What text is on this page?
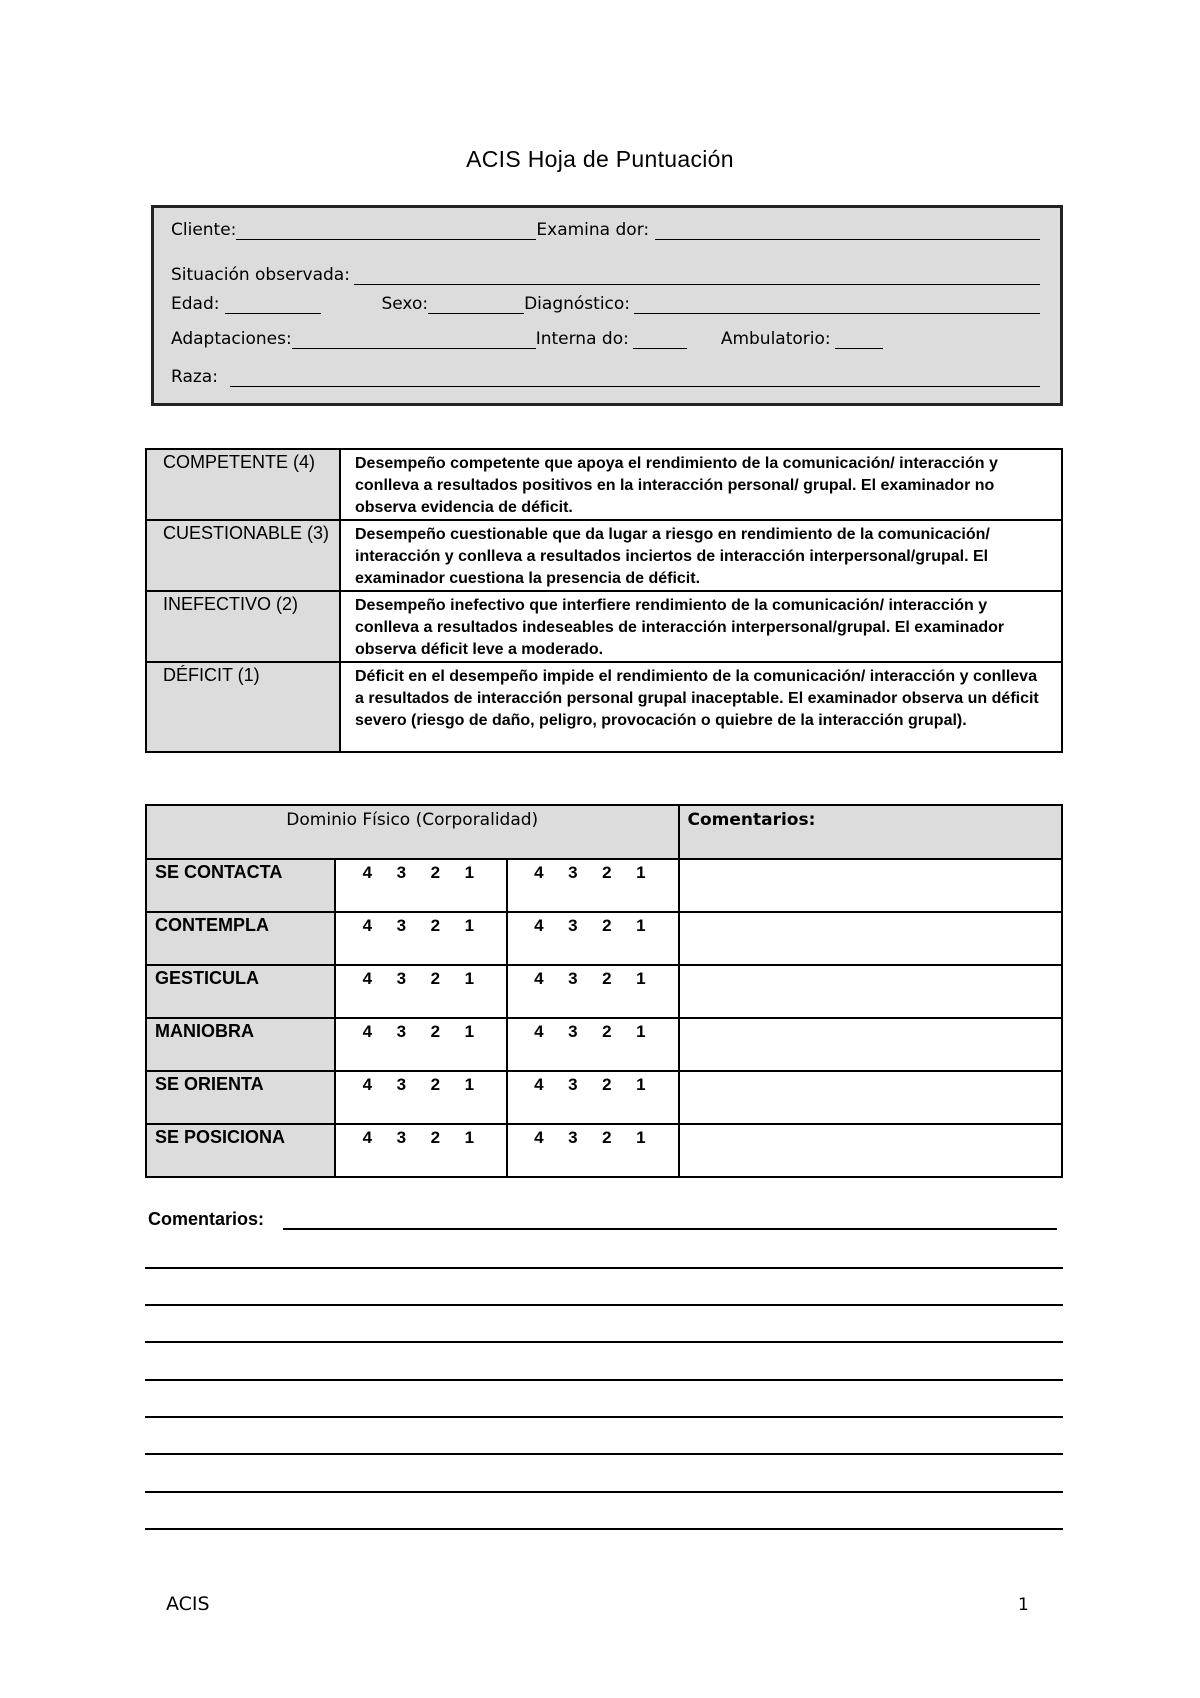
ACIS Hoja de Puntuación
Cliente:	Examina dor:
Situación observada:
Edad:	Sexo:	Diagnóstico:
Adaptaciones:	Interna do:	Ambulatorio:
Raza:
COMPETENTE (4)	Desempeño competente que apoya el rendimiento de la comunicación/ interacción y conlleva a resultados positivos en la interacción personal/ grupal. El examinador no observa evidencia de déficit.
CUESTIONABLE (3)	Desempeño cuestionable que da lugar a riesgo en rendimiento de la comunicación/ interacción y conlleva a resultados inciertos de interacción interpersonal/grupal. El examinador cuestiona la presencia de déficit.
INEFECTIVO (2)	Desempeño inefectivo que interfiere rendimiento de la comunicación/ interacción y conlleva a resultados indeseables de interacción interpersonal/grupal. El examinador observa déficit leve a moderado.
DÉFICIT (1)	Déficit en el desempeño impide el rendimiento de la comunicación/ interacción y conlleva a resultados de interacción personal grupal inaceptable. El examinador observa un déficit severo (riesgo de daño, peligro, provocación o quiebre de la interacción grupal).
Dominio Físico (Corporalidad)			Comentarios:
SE CONTACTA	4 3 2 1	4 3 2 1	
CONTEMPLA	4 3 2 1	4 3 2 1	
GESTICULA	4 3 2 1	4 3 2 1	
MANIOBRA	4 3 2 1	4 3 2 1	
SE ORIENTA	4 3 2 1	4 3 2 1	
SE POSICIONA	4 3 2 1	4 3 2 1	
Comentarios:
ACIS	1
